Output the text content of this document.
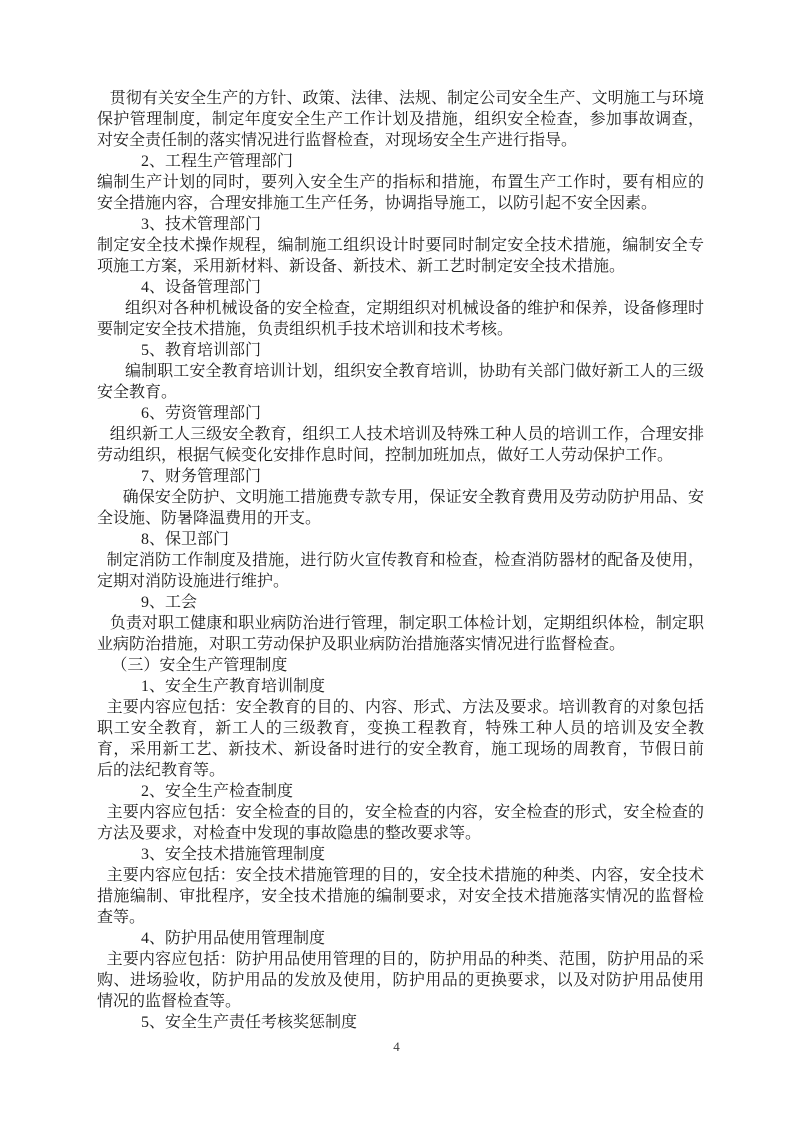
贯彻有关安全生产的方针、政策、法律、法规、制定公司安全生产、文明施工与环境保护管理制度，制定年度安全生产工作计划及措施，组织安全检查，参加事故调查，对安全责任制的落实情况进行监督检查，对现场安全生产进行指导。

2、工程生产管理部门

编制生产计划的同时，要列入安全生产的指标和措施，布置生产工作时，要有相应的安全措施内容，合理安排施工生产任务，协调指导施工，以防引起不安全因素。

3、技术管理部门

制定安全技术操作规程，编制施工组织设计时要同时制定安全技术措施，编制安全专项施工方案，采用新材料、新设备、新技术、新工艺时制定安全技术措施。

4、设备管理部门

组织对各种机械设备的安全检查，定期组织对机械设备的维护和保养，设备修理时要制定安全技术措施，负责组织机手技术培训和技术考核。

5、教育培训部门

编制职工安全教育培训计划，组织安全教育培训，协助有关部门做好新工人的三级安全教育。

6、劳资管理部门

组织新工人三级安全教育，组织工人技术培训及特殊工种人员的培训工作，合理安排劳动组织，根据气候变化安排作息时间，控制加班加点，做好工人劳动保护工作。

7、财务管理部门

确保安全防护、文明施工措施费专款专用，保证安全教育费用及劳动防护用品、安全设施、防暑降温费用的开支。

8、保卫部门

制定消防工作制度及措施，进行防火宣传教育和检查，检查消防器材的配备及使用，定期对消防设施进行维护。

9、工会

负责对职工健康和职业病防治进行管理，制定职工体检计划，定期组织体检，制定职业病防治措施，对职工劳动保护及职业病防治措施落实情况进行监督检查。

（三）安全生产管理制度

1、安全生产教育培训制度

主要内容应包括：安全教育的目的、内容、形式、方法及要求。培训教育的对象包括职工安全教育，新工人的三级教育，变换工程教育，特殊工种人员的培训及安全教育，采用新工艺、新技术、新设备时进行的安全教育，施工现场的周教育，节假日前后的法纪教育等。

2、安全生产检查制度

主要内容应包括：安全检查的目的，安全检查的内容，安全检查的形式，安全检查的方法及要求，对检查中发现的事故隐患的整改要求等。

3、安全技术措施管理制度

主要内容应包括：安全技术措施管理的目的，安全技术措施的种类、内容，安全技术措施编制、审批程序，安全技术措施的编制要求，对安全技术措施落实情况的监督检查等。

4、防护用品使用管理制度

主要内容应包括：防护用品使用管理的目的，防护用品的种类、范围，防护用品的采购、进场验收，防护用品的发放及使用，防护用品的更换要求，以及对防护用品使用情况的监督检查等。

5、安全生产责任考核奖惩制度

4
